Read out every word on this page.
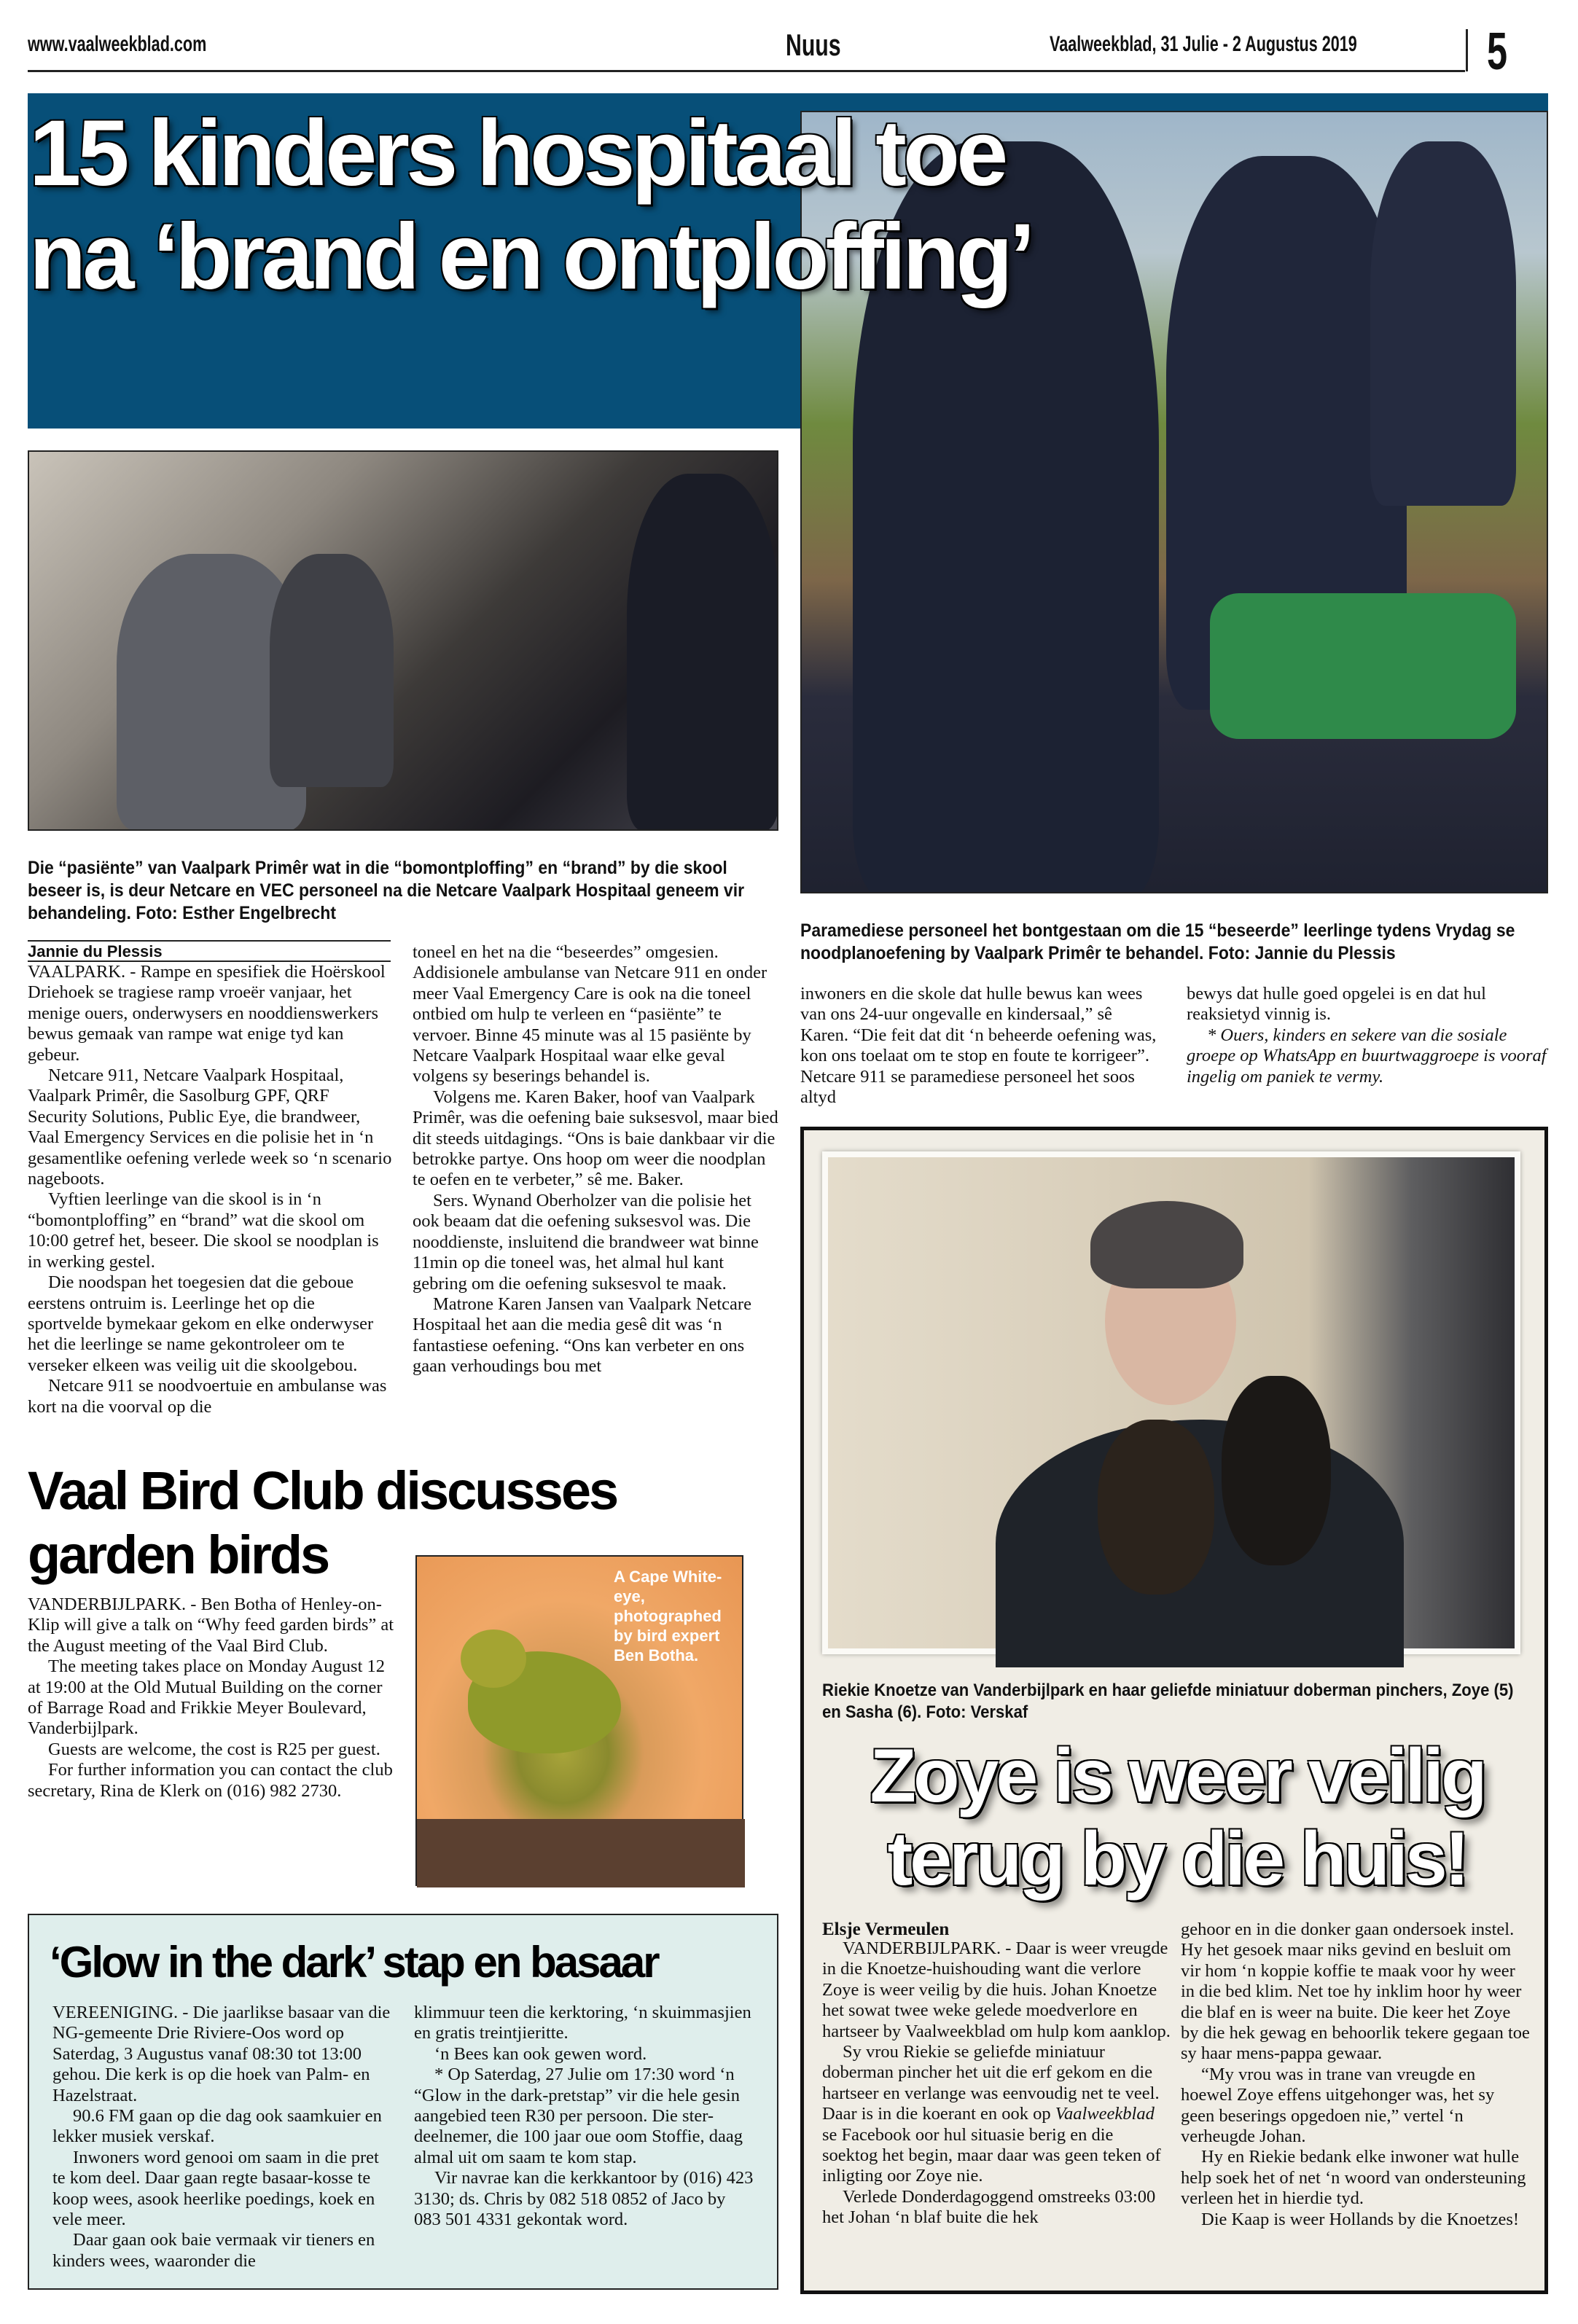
www.vaalweekblad.com	Nuus	Vaalweekblad, 31 Julie - 2 Augustus 2019 5
15 kinders hospitaal toe na ‘brand en ontploffing’
Die “pasiënte” van Vaalpark Primêr wat in die “bomontploffing” en “brand” by die skool beseer is, is deur Netcare en VEC personeel na die Netcare Vaalpark Hospitaal geneem vir behandeling. Foto: Esther Engelbrecht
Paramediese personeel het bontgestaan om die 15 “beseerde” leerlinge tydens Vrydag se noodplanoefening by Vaalpark Primêr te behandel. Foto: Jannie du Plessis
Jannie du Plessis

VAALPARK. - Rampe en spesifiek die Hoërskool Driehoek se tragiese ramp vroeër vanjaar, het menige ouers, onderwysers en nooddienswerkers bewus gemaak van rampe wat enige tyd kan gebeur.

Netcare 911, Netcare Vaalpark Hospitaal, Vaalpark Primêr, die Sasolburg GPF, QRF Security Solutions, Public Eye, die brandweer, Vaal Emergency Services en die polisie het in ‘n gesamentlike oefening verlede week so ‘n scenario nageboots.

Vyftien leerlinge van die skool is in ‘n “bomontploffing” en “brand” wat die skool om 10:00 getref het, beseer. Die skool se noodplan is in werking gestel.

Die noodspan het toegesien dat die geboue eerstens ontruim is. Leerlinge het op die sportvelde bymekaar gekom en elke onderwyser het die leerlinge se name gekontroleer om te verseker elkeen was veilig uit die skoolgebou.

Netcare 911 se noodvoertuie en ambulanse was kort na die voorval op die

toneel en het na die “beseerdes” omgesien. Addisionele ambulanse van Netcare 911 en onder meer Vaal Emergency Care is ook na die toneel ontbied om hulp te verleen en “pasiënte” te vervoer. Binne 45 minute was al 15 pasiënte by Netcare Vaalpark Hospitaal waar elke geval volgens sy beserings behandel is.

Volgens me. Karen Baker, hoof van Vaalpark Primêr, was die oefening baie suksesvol, maar bied dit steeds uitdagings. “Ons is baie dankbaar vir die betrokke partye. Ons hoop om weer die noodplan te oefen en te verbeter,” sê me. Baker.

Sers. Wynand Oberholzer van die polisie het ook beaam dat die oefening suksesvol was. Die nooddienste, insluitend die brandweer wat binne 11min op die toneel was, het almal hul kant gebring om die oefening suksesvol te maak.

Matrone Karen Jansen van Vaalpark Netcare Hospitaal het aan die media gesê dit was ‘n fantastiese oefening. “Ons kan verbeter en ons gaan verhoudings bou met

inwoners en die skole dat hulle bewus kan wees van ons 24-uur ongevalle en kindersaal,” sê Karen. “Die feit dat dit ‘n beheerde oefening was, kon ons toelaat om te stop en foute te korrigeer”. Netcare 911 se paramediese personeel het soos altyd

bewys dat hulle goed opgelei is en dat hul reaksietyd vinnig is.

* Ouers, kinders en sekere van die sosiale groepe op WhatsApp en buurtwaggroepe is vooraf ingelig om paniek te vermy.

Vaal Bird Club discusses garden birds	A Cape White-eye, photographed by bird expert Ben Botha.

VANDERBIJLPARK. - Ben Botha of Henley-on-Klip will give a talk on “Why feed garden birds” at the August meeting of the Vaal Bird Club.

The meeting takes place on Monday August 12 at 19:00 at the Old Mutual Building on the corner of Barrage Road and Frikkie Meyer Boulevard, Vanderbijlpark.

Guests are welcome, the cost is R25 per guest.

For further information you can contact the club secretary, Rina de Klerk on (016) 982 2730.

‘Glow in the dark’ stap en basaar

VEREENIGING. - Die jaarlikse basaar van die NG-gemeente Drie Riviere-Oos word op Saterdag, 3 Augustus vanaf 08:30 tot 13:00 gehou. Die kerk is op die hoek van Palm- en Hazelstraat.

90.6 FM gaan op die dag ook saamkuier en lekker musiek verskaf.

Inwoners word genooi om saam in die pret te kom deel. Daar gaan regte basaar-kosse te koop wees, asook heerlike poedings, koek en vele meer.

Daar gaan ook baie vermaak vir tieners en kinders wees, waaronder die

klimmuur teen die kerktoring, ‘n skuimmasjien en gratis treintjieritte.

‘n Bees kan ook gewen word.

* Op Saterdag, 27 Julie om 17:30 word ‘n “Glow in the dark-pretstap” vir die hele gesin aangebied teen R30 per persoon. Die ster-deelnemer, die 100 jaar oue oom Stoffie, daag almal uit om saam te kom stap.

Vir navrae kan die kerkkantoor by (016) 423 3130; ds. Chris by 082 518 0852 of Jaco by 083 501 4331 gekontak word.

Riekie Knoetze van Vanderbijlpark en haar geliefde miniatuur doberman pinchers, Zoye (5) en Sasha (6). Foto: Verskaf
Zoye is weer veilig terug by die huis!
Elsje Vermeulen

VANDERBIJLPARK. - Daar is weer vreugde in die Knoetze-huishouding want die verlore Zoye is weer veilig by die huis. Johan Knoetze het sowat twee weke gelede moedverlore en hartseer by Vaalweekblad om hulp kom aanklop.

Sy vrou Riekie se geliefde miniatuur doberman pincher het uit die erf gekom en die hartseer en verlange was eenvoudig net te veel. Daar is in die koerant en ook op Vaalweekblad se Facebook oor hul situasie berig en die soektog het begin, maar daar was geen teken of inligting oor Zoye nie.

Verlede Donderdagoggend omstreeks 03:00 het Johan ‘n blaf buite die hek

gehoor en in die donker gaan ondersoek instel. Hy het gesoek maar niks gevind en besluit om vir hom ‘n koppie koffie te maak voor hy weer in die bed klim. Net toe hy inklim hoor hy weer die blaf en is weer na buite. Die keer het Zoye by die hek gewag en behoorlik tekere gegaan toe sy haar mens-pappa gewaar.

“My vrou was in trane van vreugde en hoewel Zoye effens uitgehonger was, het sy geen beserings opgedoen nie,” vertel ‘n verheugde Johan.

Hy en Riekie bedank elke inwoner wat hulle help soek het of net ‘n woord van ondersteuning verleen het in hierdie tyd.

Die Kaap is weer Hollands by die Knoetzes!
